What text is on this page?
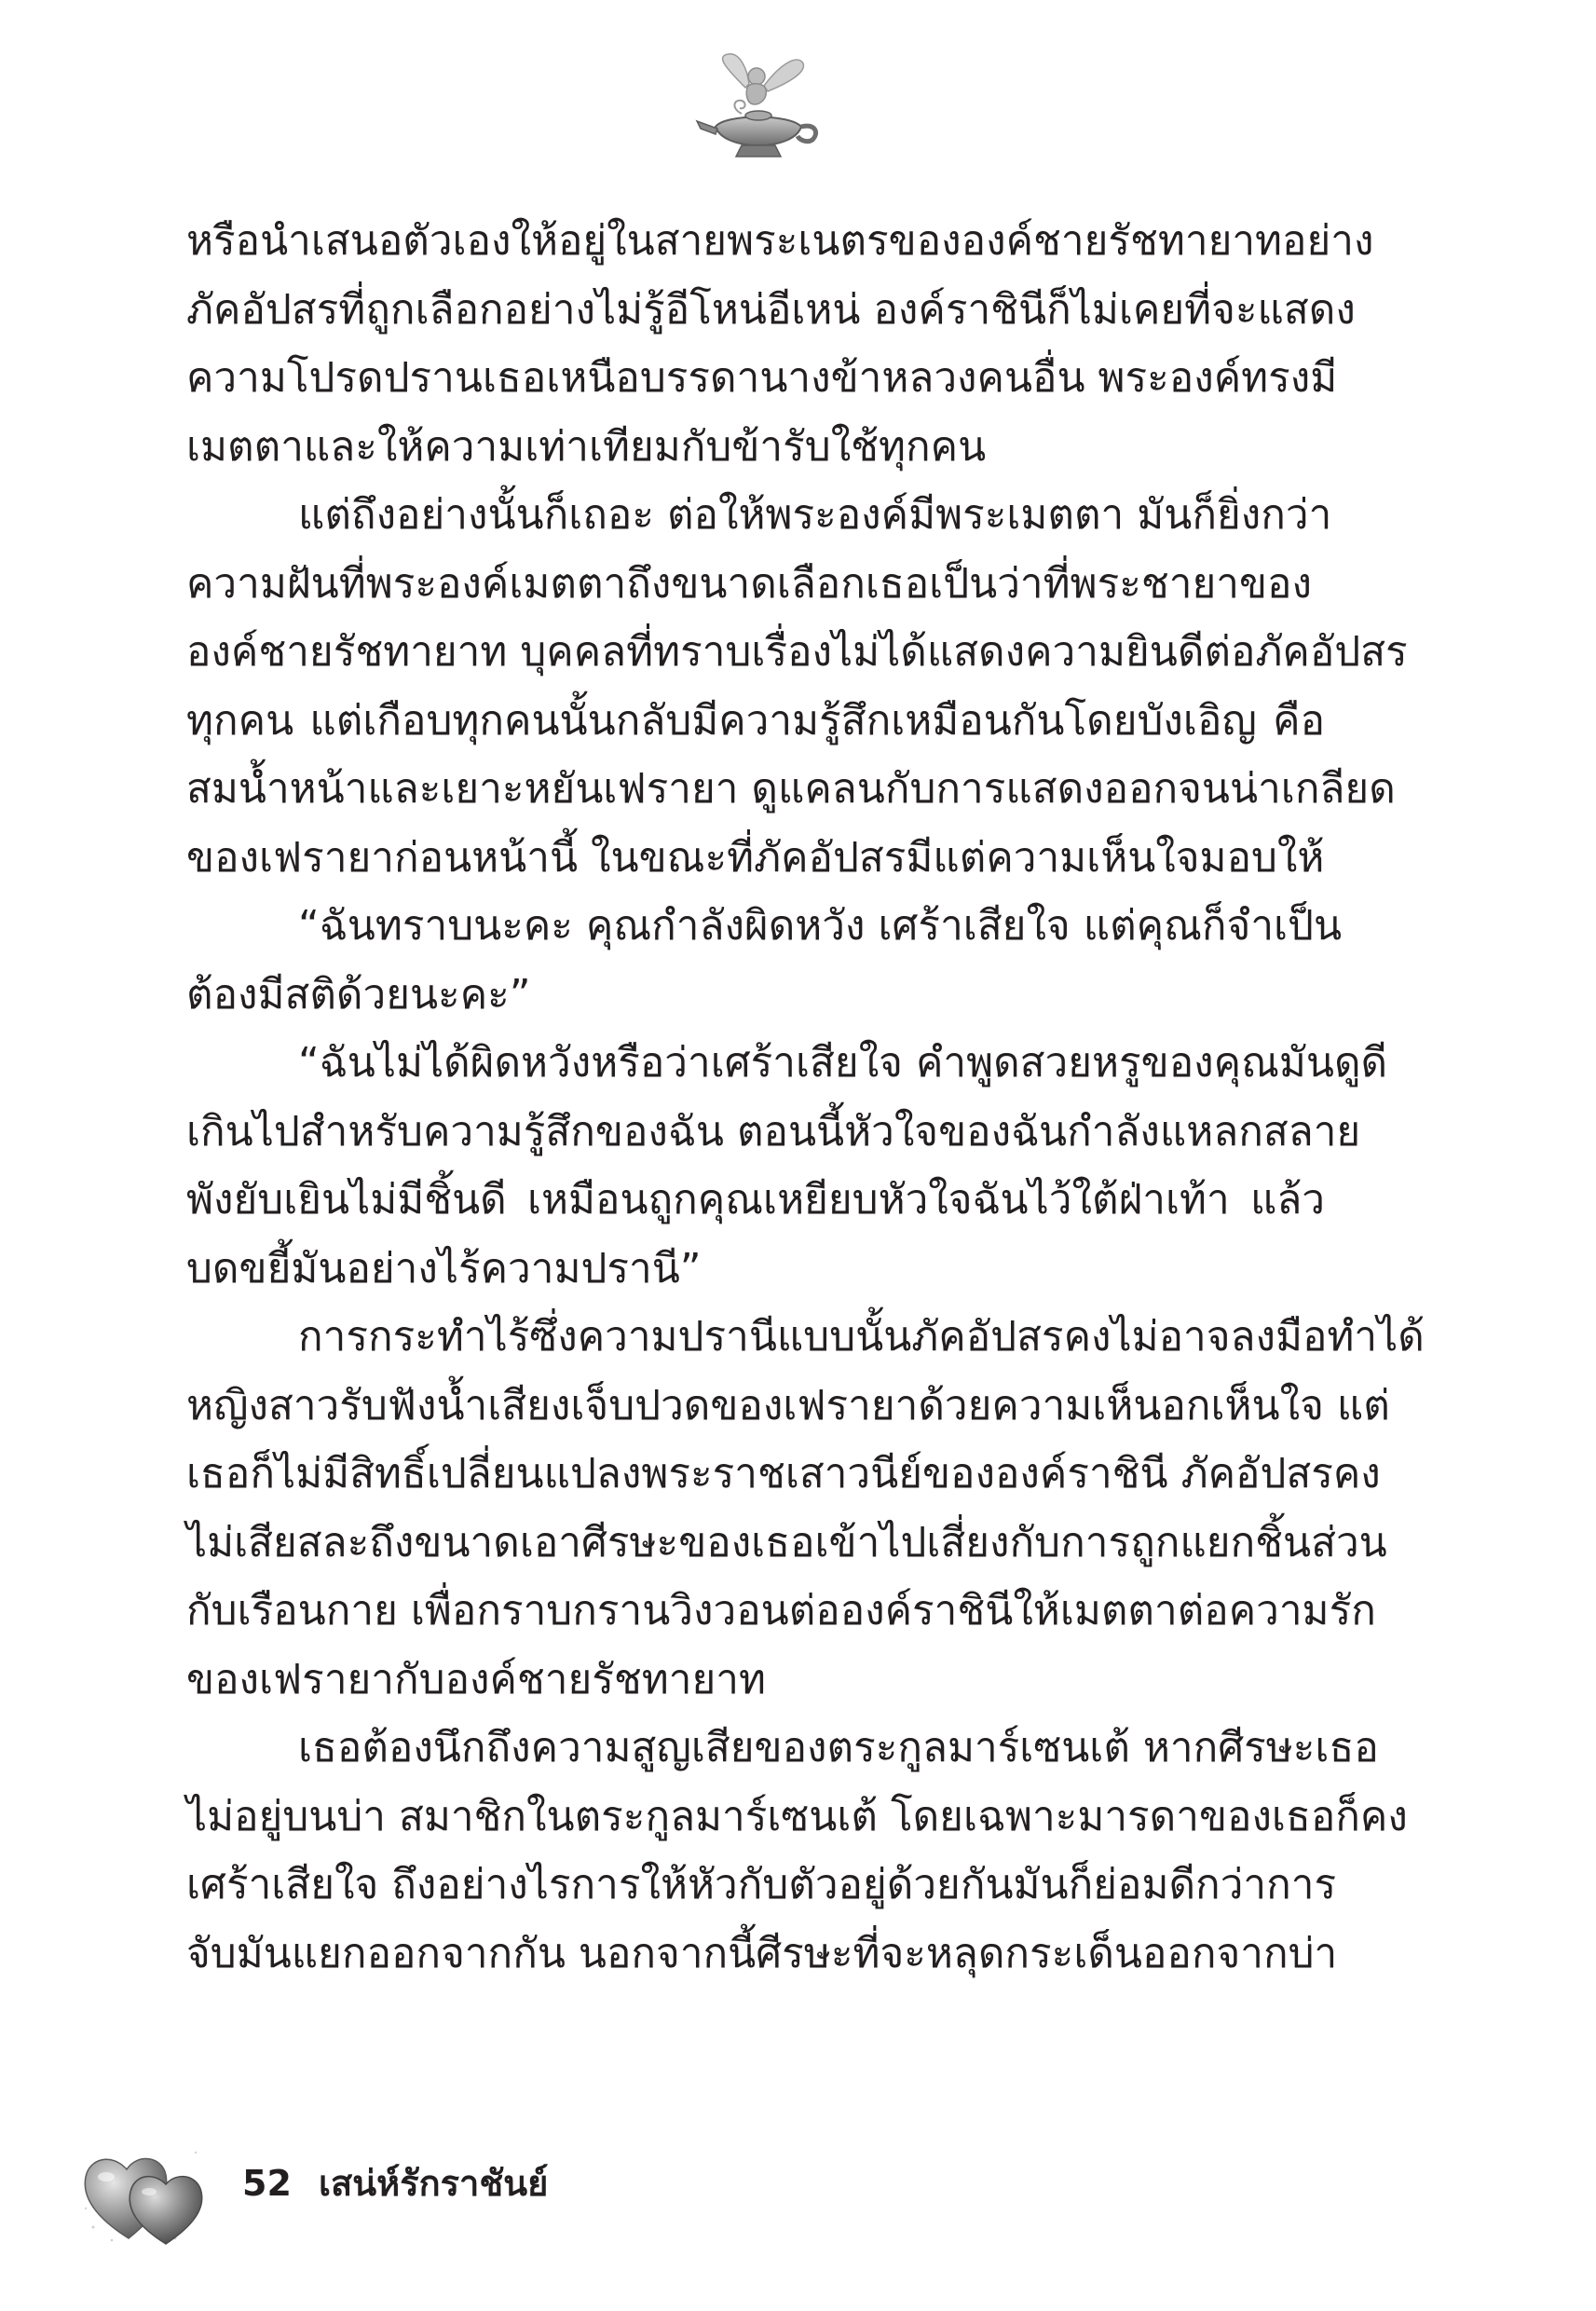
หรือนำเสนอตัวเองให้อยู่ในสายพระเนตรขององค์ชายรัชทายาทอย่าง
ภัคอัปสรที่ถูกเลือกอย่างไม่รู้อีโหน่อีเหน่ องค์ราชินีก็ไม่เคยที่จะแสดง
ความโปรดปรานเธอเหนือบรรดานางข้าหลวงคนอื่น พระองค์ทรงมี
เมตตาและให้ความเท่าเทียมกับข้ารับใช้ทุกคน
แต่ถึงอย่างนั้นก็เถอะ ต่อให้พระองค์มีพระเมตตา มันก็ยิ่งกว่า
ความฝันที่พระองค์เมตตาถึงขนาดเลือกเธอเป็นว่าที่พระชายาของ
องค์ชายรัชทายาท บุคคลที่ทราบเรื่องไม่ได้แสดงความยินดีต่อภัคอัปสร
ทุกคน แต่เกือบทุกคนนั้นกลับมีความรู้สึกเหมือนกันโดยบังเอิญ คือ
สมน้ำหน้าและเยาะหยันเฟรายา ดูแคลนกับการแสดงออกจนน่าเกลียด
ของเฟรายาก่อนหน้านี้ ในขณะที่ภัคอัปสรมีแต่ความเห็นใจมอบให้
“ฉันทราบนะคะ คุณกำลังผิดหวัง เศร้าเสียใจ แต่คุณก็จำเป็น
ต้องมีสติด้วยนะคะ”
“ฉันไม่ได้ผิดหวังหรือว่าเศร้าเสียใจ คำพูดสวยหรูของคุณมันดูดี
เกินไปสำหรับความรู้สึกของฉัน ตอนนี้หัวใจของฉันกำลังแหลกสลาย
พังยับเยินไม่มีชิ้นดี เหมือนถูกคุณเหยียบหัวใจฉันไว้ใต้ฝ่าเท้า แล้ว
บดขยี้มันอย่างไร้ความปรานี”
การกระทำไร้ซึ่งความปรานีแบบนั้นภัคอัปสรคงไม่อาจลงมือทำได้
หญิงสาวรับฟังน้ำเสียงเจ็บปวดของเฟรายาด้วยความเห็นอกเห็นใจ แต่
เธอก็ไม่มีสิทธิ์เปลี่ยนแปลงพระราชเสาวนีย์ขององค์ราชินี ภัคอัปสรคง
ไม่เสียสละถึงขนาดเอาศีรษะของเธอเข้าไปเสี่ยงกับการถูกแยกชิ้นส่วน
กับเรือนกาย เพื่อกราบกรานวิงวอนต่อองค์ราชินีให้เมตตาต่อความรัก
ของเฟรายากับองค์ชายรัชทายาท
เธอต้องนึกถึงความสูญเสียของตระกูลมาร์เซนเต้ หากศีรษะเธอ
ไม่อยู่บนบ่า สมาชิกในตระกูลมาร์เซนเต้ โดยเฉพาะมารดาของเธอก็คง
เศร้าเสียใจ ถึงอย่างไรการให้หัวกับตัวอยู่ด้วยกันมันก็ย่อมดีกว่าการ
จับมันแยกออกจากกัน นอกจากนี้ศีรษะที่จะหลุดกระเด็นออกจากบ่า
52 เสน่ห์รักราชันย์
